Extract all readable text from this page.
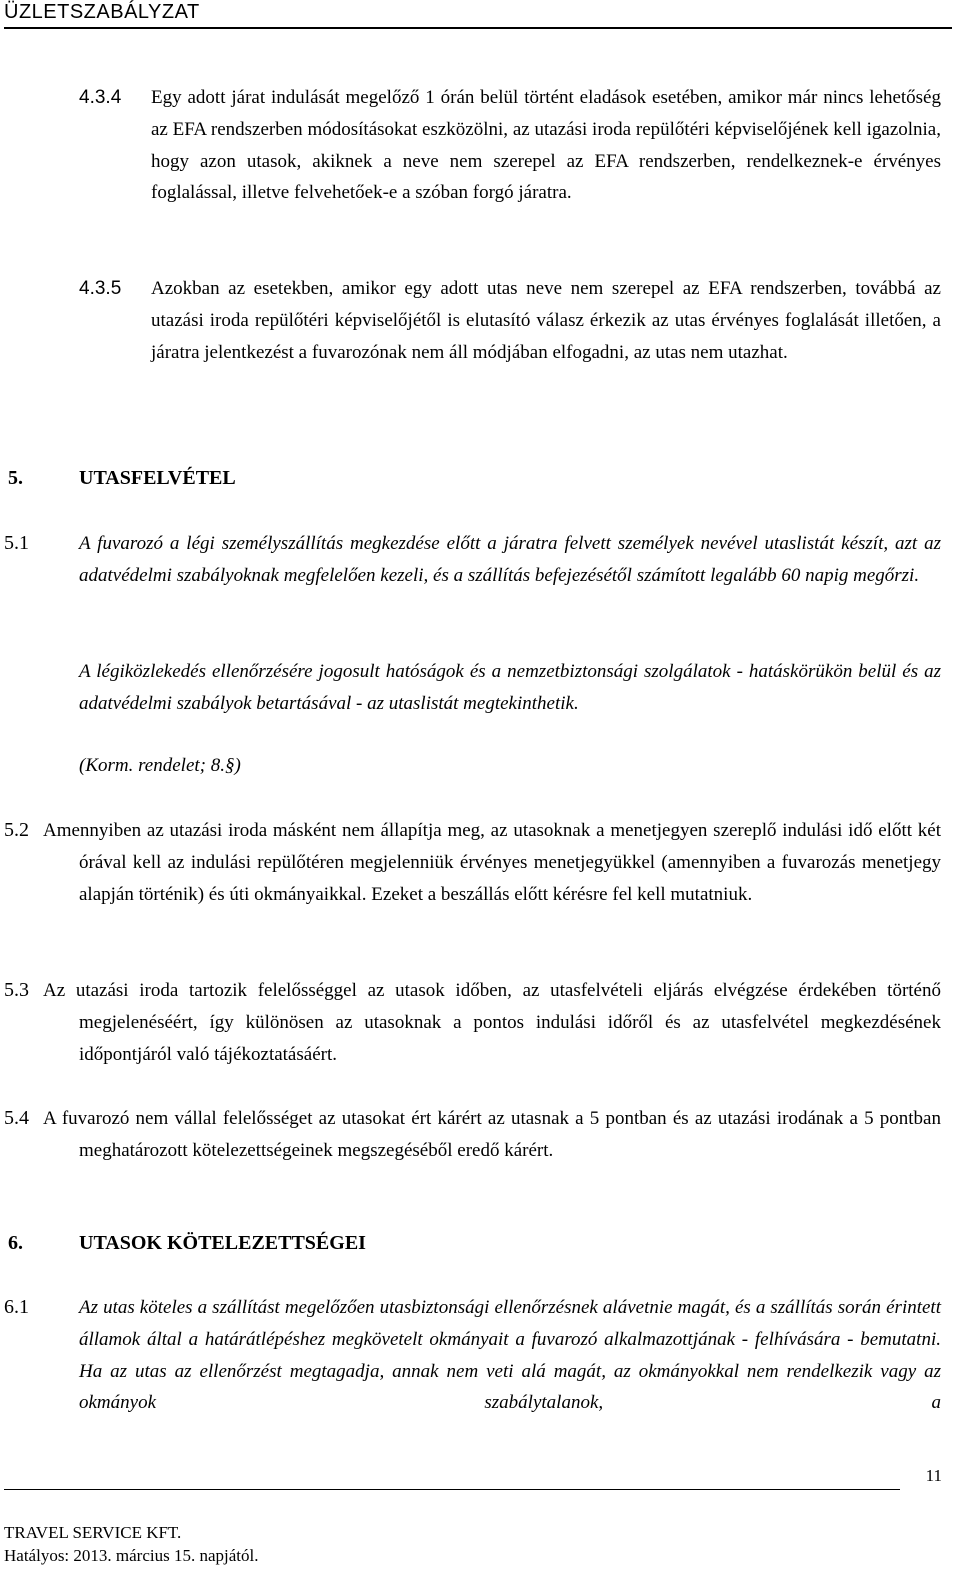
ÜZLETSZABÁLYZAT
4.3.4 Egy adott járat indulását megelőző 1 órán belül történt eladások esetében, amikor már nincs lehetőség az EFA rendszerben módosításokat eszközölni, az utazási iroda repülőtéri képviselőjének kell igazolnia, hogy azon utasok, akiknek a neve nem szerepel az EFA rendszerben, rendelkeznek-e érvényes foglalással, illetve felvehetőek-e a szóban forgó járatra.
4.3.5 Azokban az esetekben, amikor egy adott utas neve nem szerepel az EFA rendszerben, továbbá az utazási iroda repülőtéri képviselőjétől is elutasító válasz érkezik az utas érvényes foglalását illetően, a járatra jelentkezést a fuvarozónak nem áll módjában elfogadni, az utas nem utazhat.
5.	UTASFELVÉTEL
5.1	A fuvarozó a légi személyszállítás megkezdése előtt a járatra felvett személyek nevével utaslistát készít, azt az adatvédelmi szabályoknak megfelelően kezeli, és a szállítás befejezésétől számított legalább 60 napig megőrzi.
A légiközlekedés ellenőrzésére jogosult hatóságok és a nemzetbiztonsági szolgálatok - hatáskörükön belül és az adatvédelmi szabályok betartásával - az utaslistát megtekinthetik.
(Korm. rendelet; 8.§)
5.2 Amennyiben az utazási iroda másként nem állapítja meg, az utasoknak a menetjegyen szereplő indulási idő előtt két órával kell az indulási repülőtéren megjelenniük érvényes menetjegyükkel (amennyiben a fuvarozás menetjegy alapján történik) és úti okmányaikkal. Ezeket a beszállás előtt kérésre fel kell mutatniuk.
5.3 Az utazási iroda tartozik felelősséggel az utasok időben, az utasfelvételi eljárás elvégzése érdekében történő megjelenéséért, így különösen az utasoknak a pontos indulási időről és az utasfelvétel megkezdésének időpontjáról való tájékoztatásáért.
5.4 A fuvarozó nem vállal felelősséget az utasokat ért kárért az utasnak a 5 pontban és az utazási irodának a 5 pontban meghatározott kötelezettségeinek megszegéséből eredő kárért.
6.	UTASOK KÖTELEZETTSÉGEI
6.1	Az utas köteles a szállítást megelőzően utasbiztonsági ellenőrzésnek alávetnie magát, és a szállítás során érintett államok által a határátlépéshez megkövetelt okmányait a fuvarozó alkalmazottjának - felhívására - bemutatni. Ha az utas az ellenőrzést megtagadja, annak nem veti alá magát, az okmányokkal nem rendelkezik vagy az okmányok szabálytalanok, a
11
TRAVEL SERVICE KFT.
Hatályos: 2013. március 15. napjától.
